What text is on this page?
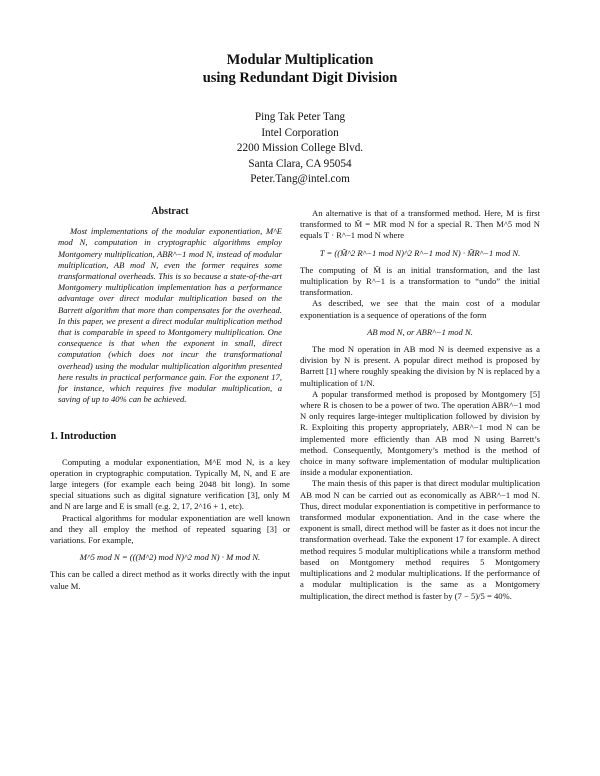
Modular Multiplication
using Redundant Digit Division
Ping Tak Peter Tang
Intel Corporation
2200 Mission College Blvd.
Santa Clara, CA 95054
Peter.Tang@intel.com
Abstract

Most implementations of the modular exponentiation, M^E mod N, computation in cryptographic algorithms employ Montgomery multiplication, ABR^−1 mod N, instead of modular multiplication, AB mod N, even the former requires some transformational overheads. This is so because a state-of-the-art Montgomery multiplication implementation has a performance advantage over direct modular multiplication based on the Barrett algorithm that more than compensates for the overhead. In this paper, we present a direct modular multiplication method that is comparable in speed to Montgomery multiplication. One consequence is that when the exponent in small, direct computation (which does not incur the transformational overhead) using the modular multiplication algorithm presented here results in practical performance gain. For the exponent 17, for instance, which requires five modular multiplication, a saving of up to 40% can be achieved.

1. Introduction

Computing a modular exponentiation, M^E mod N, is a key operation in cryptographic computation. Typically M, N, and E are large integers (for example each being 2048 bit long). In some special situations such as digital signature verification [3], only M and N are large and E is small (e.g. 2, 17, 2^16 + 1, etc).

Practical algorithms for modular exponentiation are well known and they all employ the method of repeated squaring [3] or variations. For example,

M^5 mod N = (((M^2) mod N)^2 mod N) · M mod N.

This can be called a direct method as it works directly with the input value M.

An alternative is that of a transformed method. Here, M is first transformed to M̃ = MR mod N for a special R. Then M^5 mod N equals T · R^−1 mod N where

T = ((M̃^2 R^−1 mod N)^2 R^−1 mod N) · M̃R^−1 mod N.

The computing of M̃ is an initial transformation, and the last multiplication by R^−1 is a transformation to “undo” the initial transformation.

As described, we see that the main cost of a modular exponentiation is a sequence of operations of the form

AB mod N, or ABR^−1 mod N.

The mod N operation in AB mod N is deemed expensive as a division by N is present. A popular direct method is proposed by Barrett [1] where roughly speaking the division by N is replaced by a multiplication of 1/N.

A popular transformed method is proposed by Montgomery [5] where R is chosen to be a power of two. The operation ABR^−1 mod N only requires large-integer multiplication followed by division by R. Exploiting this property appropriately, ABR^−1 mod N can be implemented more efficiently than AB mod N using Barrett’s method. Consequently, Montgomery’s method is the method of choice in many software implementation of modular multiplication inside a modular exponentiation.

The main thesis of this paper is that direct modular multiplication AB mod N can be carried out as economically as ABR^−1 mod N. Thus, direct modular exponentiation is competitive in performance to transformed modular exponentiation. And in the case where the exponent is small, direct method will be faster as it does not incur the transformation overhead. Take the exponent 17 for example. A direct method requires 5 modular multiplications while a transform method based on Montgomery method requires 5 Montgomery multiplications and 2 modular multiplications. If the performance of a modular multiplication is the same as a Montgomery multiplication, the direct method is faster by (7 − 5)/5 = 40%.
